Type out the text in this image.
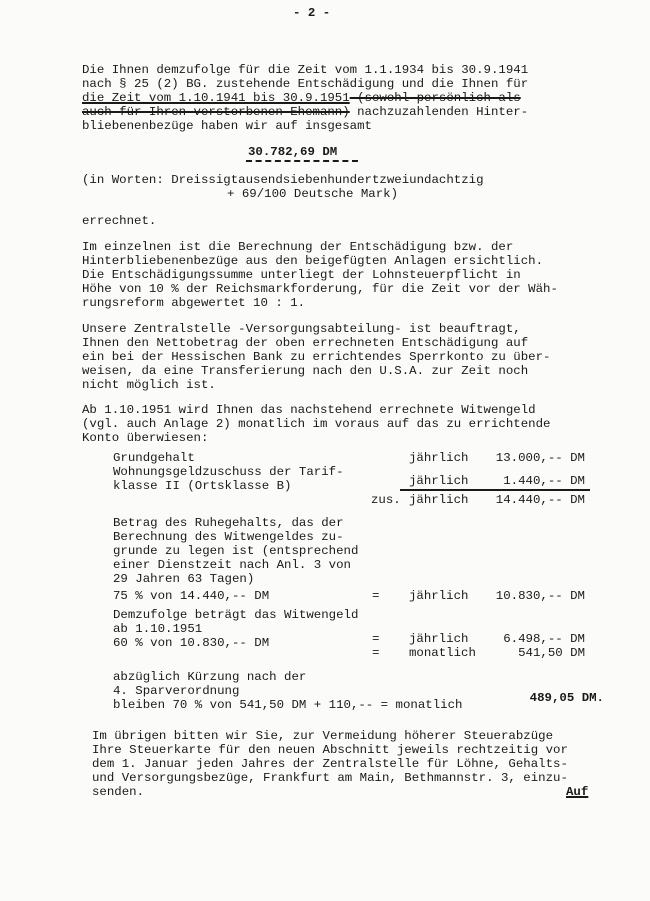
- 2 -
Die Ihnen demzufolge für die Zeit vom 1.1.1934 bis 30.9.1941
nach § 25 (2) BG. zustehende Entschädigung und die Ihnen für
die Zeit vom 1.10.1941 bis 30.9.1951 (sowohl persönlich als
auch für Ihren verstorbenen Ehemann) nachzuzahlenden Hinter-
bliebenenbezüge haben wir auf insgesamt
30.782,69 DM
(in Worten: Dreissigtausendsiebenhundertzweiundachtzig
+ 69/100 Deutsche Mark)
errechnet.
Im einzelnen ist die Berechnung der Entschädigung bzw. der
Hinterbliebenenbezüge aus den beigefügten Anlagen ersichtlich.
Die Entschädigungssumme unterliegt der Lohnsteuerpflicht in
Höhe von 10 % der Reichsmarkforderung, für die Zeit vor der Wäh-
rungsreform abgewertet 10 : 1.
Unsere Zentralstelle -Versorgungsabteilung- ist beauftragt,
Ihnen den Nettobetrag der oben errechneten Entschädigung auf
ein bei der Hessischen Bank zu errichtendes Sperrkonto zu über-
weisen, da eine Transferierung nach den U.S.A. zur Zeit noch
nicht möglich ist.
Ab 1.10.1951 wird Ihnen das nachstehend errechnete Witwengeld
(vgl. auch Anlage 2) monatlich im voraus auf das zu errichtende
Konto überwiesen:
Grundgehalt	jährlich 13.000,-- DM
Wohnungsgeldzuschuss der Tarif-
klasse II (Ortsklasse B)	jährlich	1.440,-- DM
zus. jährlich 14.440,-- DM
Betrag des Ruhegehalts, das der
Berechnung des Witwengeldes zu-
grunde zu legen ist (entsprechend
einer Dienstzeit nach Anl. 3 von
29 Jahren 63 Tagen)
75 % von 14.440,-- DM	= jährlich 10.830,-- DM
Demzufolge beträgt das Witwengeld
ab 1.10.1951
60 % von 10.830,-- DM	= jährlich	6.498,-- DM
= monatlich	541,50 DM
abzüglich Kürzung nach der
4. Sparverordnung
bleiben 70 % von 541,50 DM + 110,-- = monatlich	489,05 DM.
Im übrigen bitten wir Sie, zur Vermeidung höherer Steuerabzüge
Ihre Steuerkarte für den neuen Abschnitt jeweils rechtzeitig vor
dem 1. Januar jeden Jahres der Zentralstelle für Löhne, Gehalts-
und Versorgungsbezüge, Frankfurt am Main, Bethmannstr. 3, einzu-
senden.	Auf
